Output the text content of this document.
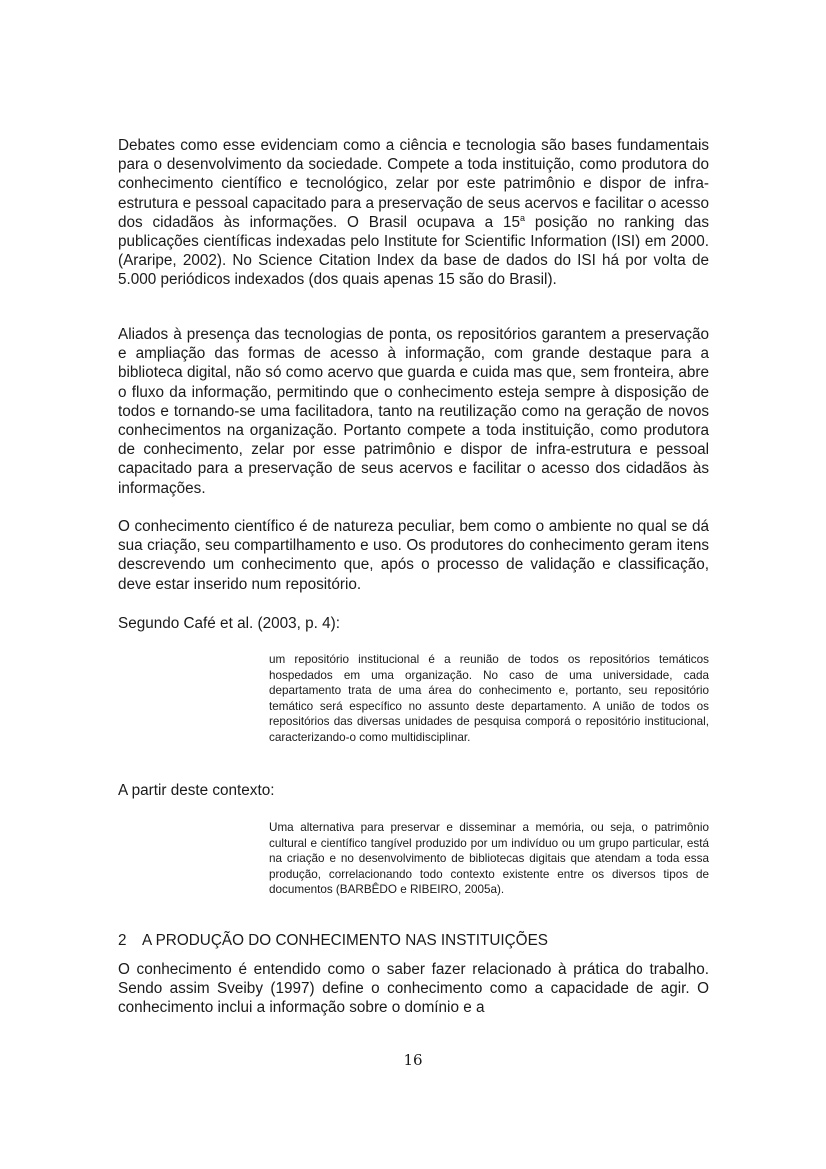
Debates como esse evidenciam como a ciência e tecnologia são bases fundamentais para o desenvolvimento da sociedade. Compete a toda instituição, como produtora do conhecimento científico e tecnológico, zelar por este patrimônio e dispor de infra-estrutura e pessoal capacitado para a preservação de seus acervos e facilitar o acesso dos cidadãos às informações. O Brasil ocupava a 15$^a$ posição no ranking das publicações científicas indexadas pelo Institute for Scientific Information (ISI) em 2000. (Araripe, 2002). No Science Citation Index da base de dados do ISI há por volta de 5.000 periódicos indexados (dos quais apenas 15 são do Brasil).

Aliados à presença das tecnologias de ponta, os repositórios garantem a preservação e ampliação das formas de acesso à informação, com grande destaque para a biblioteca digital, não só como acervo que guarda e cuida mas que, sem fronteira, abre o fluxo da informação, permitindo que o conhecimento esteja sempre à disposição de todos e tornando-se uma facilitadora, tanto na reutilização como na geração de novos conhecimentos na organização. Portanto compete a toda instituição, como produtora de conhecimento, zelar por esse patrimônio e dispor de infra-estrutura e pessoal capacitado para a preservação de seus acervos e facilitar o acesso dos cidadãos às informações.

O conhecimento científico é de natureza peculiar, bem como o ambiente no qual se dá sua criação, seu compartilhamento e uso. Os produtores do conhecimento geram itens descrevendo um conhecimento que, após o processo de validação e classificação, deve estar inserido num repositório.

Segundo Café et al. (2003, p. 4):

um repositório institucional é a reunião de todos os repositórios temáticos hospedados em uma organização. No caso de uma universidade, cada departamento trata de uma área do conhecimento e, portanto, seu repositório temático será específico no assunto deste departamento. A união de todos os repositórios das diversas unidades de pesquisa comporá o repositório institucional, caracterizando-o como multidisciplinar.

A partir deste contexto:

Uma alternativa para preservar e disseminar a memória, ou seja, o patrimônio cultural e científico tangível produzido por um indivíduo ou um grupo particular, está na criação e no desenvolvimento de bibliotecas digitais que atendam a toda essa produção, correlacionando todo contexto existente entre os diversos tipos de documentos (BARBÊDO e RIBEIRO, 2005a).

2 A PRODUÇÃO DO CONHECIMENTO NAS INSTITUIÇÕES

O conhecimento é entendido como o saber fazer relacionado à prática do trabalho. Sendo assim Sveiby (1997) define o conhecimento como a capacidade de agir. O conhecimento inclui a informação sobre o domínio e a

16
